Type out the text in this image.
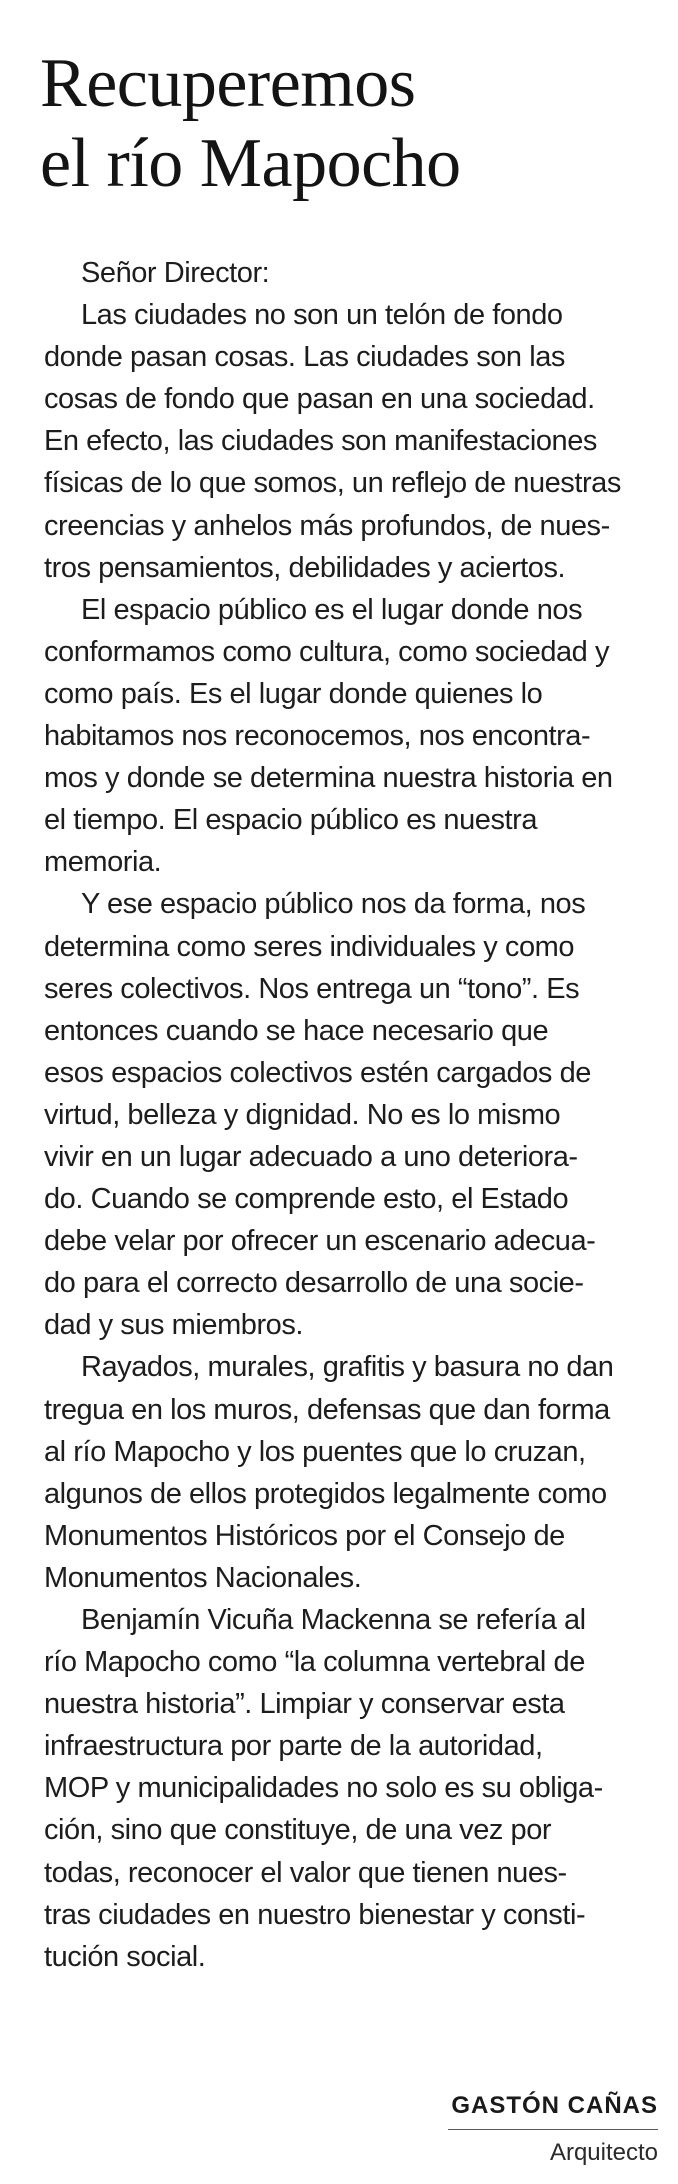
Recuperemos
el río Mapocho
Señor Director:
Las ciudades no son un telón de fondo
donde pasan cosas. Las ciudades son las
cosas de fondo que pasan en una sociedad.
En efecto, las ciudades son manifestaciones
físicas de lo que somos, un reflejo de nuestras
creencias y anhelos más profundos, de nues-
tros pensamientos, debilidades y aciertos.
El espacio público es el lugar donde nos
conformamos como cultura, como sociedad y
como país. Es el lugar donde quienes lo
habitamos nos reconocemos, nos encontra-
mos y donde se determina nuestra historia en
el tiempo. El espacio público es nuestra
memoria.
Y ese espacio público nos da forma, nos
determina como seres individuales y como
seres colectivos. Nos entrega un “tono”. Es
entonces cuando se hace necesario que
esos espacios colectivos estén cargados de
virtud, belleza y dignidad. No es lo mismo
vivir en un lugar adecuado a uno deteriora-
do. Cuando se comprende esto, el Estado
debe velar por ofrecer un escenario adecua-
do para el correcto desarrollo de una socie-
dad y sus miembros.
Rayados, murales, grafitis y basura no dan
tregua en los muros, defensas que dan forma
al río Mapocho y los puentes que lo cruzan,
algunos de ellos protegidos legalmente como
Monumentos Históricos por el Consejo de
Monumentos Nacionales.
Benjamín Vicuña Mackenna se refería al
río Mapocho como “la columna vertebral de
nuestra historia”. Limpiar y conservar esta
infraestructura por parte de la autoridad,
MOP y municipalidades no solo es su obliga-
ción, sino que constituye, de una vez por
todas, reconocer el valor que tienen nues-
tras ciudades en nuestro bienestar y consti-
tución social.
GASTÓN CAÑAS
Arquitecto
